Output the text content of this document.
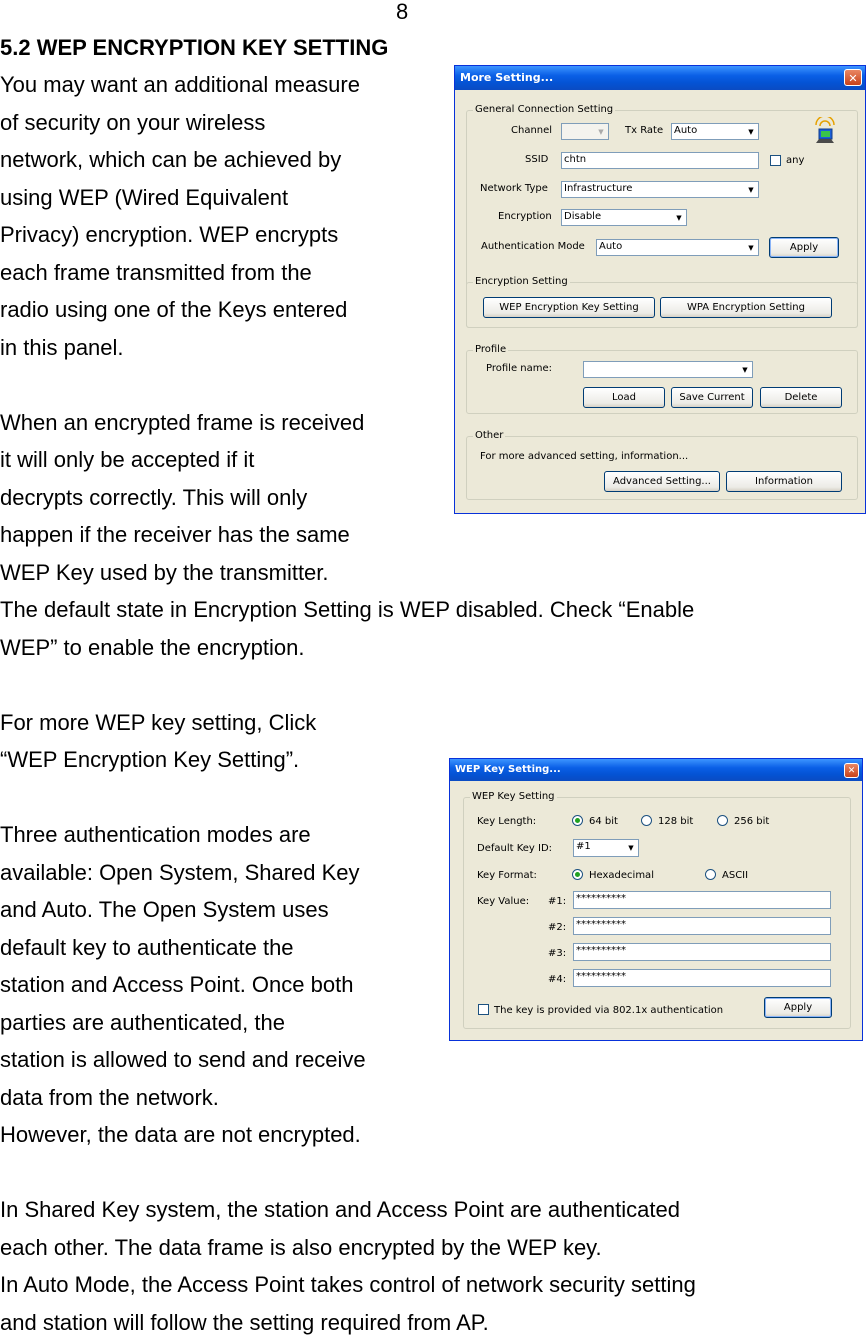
8
5.2 WEP ENCRYPTION KEY SETTING
You may want an additional measure
of security on your wireless
network, which can be achieved by
using WEP (Wired Equivalent
Privacy) encryption. WEP encrypts
each frame transmitted from the
radio using one of the Keys entered
in this panel.
When an encrypted frame is received
it will only be accepted if it
decrypts correctly. This will only
happen if the receiver has the same
WEP Key used by the transmitter.
The default state in Encryption Setting is WEP disabled. Check “Enable
WEP” to enable the encryption.
For more WEP key setting, Click
“WEP Encryption Key Setting”.
Three authentication modes are
available: Open System, Shared Key
and Auto. The Open System uses
default key to authenticate the
station and Access Point. Once both
parties are authenticated, the
station is allowed to send and receive
data from the network.
However, the data are not encrypted.
In Shared Key system, the station and Access Point are authenticated
each other. The data frame is also encrypted by the WEP key.
In Auto Mode, the Access Point takes control of network security setting
and station will follow the setting required from AP.
More Setting...	✕
General Connection Setting
Channel	▼	Tx Rate	Auto	▼
SSID	chtn	any
Network Type	Infrastructure	▼
Encryption	Disable	▼
Authentication Mode	Auto	▼	Apply
Encryption Setting
WEP Encryption Key Setting	WPA Encryption Setting
Profile
Profile name:	▼
Load	Save Current	Delete
Other
For more advanced setting, information...
Advanced Setting...	Information
WEP Key Setting...	✕
WEP Key Setting
Key Length:	64 bit	128 bit	256 bit
Default Key ID:	#1	▼
Key Format:	Hexadecimal	ASCII
Key Value: #1: **********
#2: **********
#3: **********
#4: **********
The key is provided via 802.1x authentication	Apply
